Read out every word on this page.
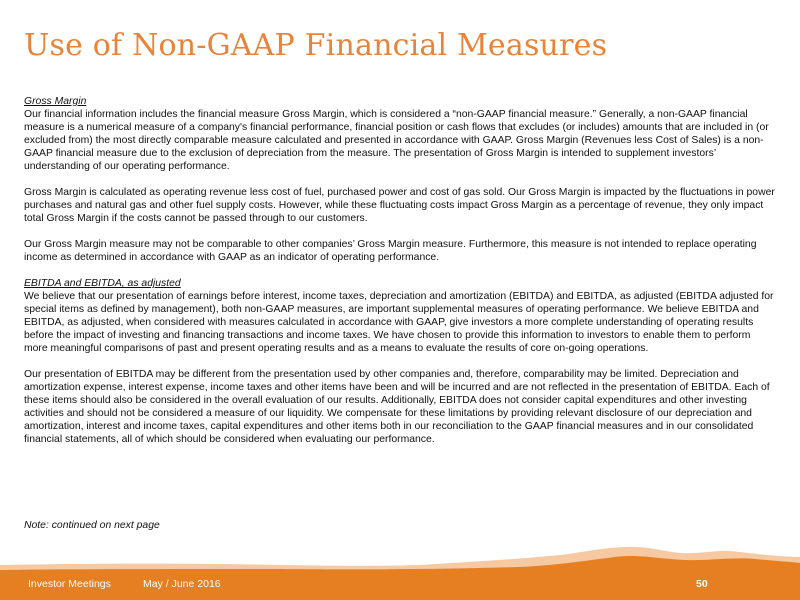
Use of Non-GAAP Financial Measures
Gross Margin

Our financial information includes the financial measure Gross Margin, which is considered a “non-GAAP financial measure.” Generally, a non-GAAP financial measure is a numerical measure of a company's financial performance, financial position or cash flows that excludes (or includes) amounts that are included in (or excluded from) the most directly comparable measure calculated and presented in accordance with GAAP. Gross Margin (Revenues less Cost of Sales) is a non-GAAP financial measure due to the exclusion of depreciation from the measure. The presentation of Gross Margin is intended to supplement investors’ understanding of our operating performance.

Gross Margin is calculated as operating revenue less cost of fuel, purchased power and cost of gas sold. Our Gross Margin is impacted by the fluctuations in power purchases and natural gas and other fuel supply costs. However, while these fluctuating costs impact Gross Margin as a percentage of revenue, they only impact total Gross Margin if the costs cannot be passed through to our customers.

Our Gross Margin measure may not be comparable to other companies’ Gross Margin measure. Furthermore, this measure is not intended to replace operating income as determined in accordance with GAAP as an indicator of operating performance.

EBITDA and EBITDA, as adjusted

We believe that our presentation of earnings before interest, income taxes, depreciation and amortization (EBITDA) and EBITDA, as adjusted (EBITDA adjusted for special items as defined by management), both non-GAAP measures, are important supplemental measures of operating performance. We believe EBITDA and EBITDA, as adjusted, when considered with measures calculated in accordance with GAAP, give investors a more complete understanding of operating results before the impact of investing and financing transactions and income taxes. We have chosen to provide this information to investors to enable them to perform more meaningful comparisons of past and present operating results and as a means to evaluate the results of core on-going operations.

Our presentation of EBITDA may be different from the presentation used by other companies and, therefore, comparability may be limited. Depreciation and amortization expense, interest expense, income taxes and other items have been and will be incurred and are not reflected in the presentation of EBITDA. Each of these items should also be considered in the overall evaluation of our results. Additionally, EBITDA does not consider capital expenditures and other investing activities and should not be considered a measure of our liquidity. We compensate for these limitations by providing relevant disclosure of our depreciation and amortization, interest and income taxes, capital expenditures and other items both in our reconciliation to the GAAP financial measures and in our consolidated financial statements, all of which should be considered when evaluating our performance.

Note: continued on next page
Investor Meetings	May / June 2016	50
